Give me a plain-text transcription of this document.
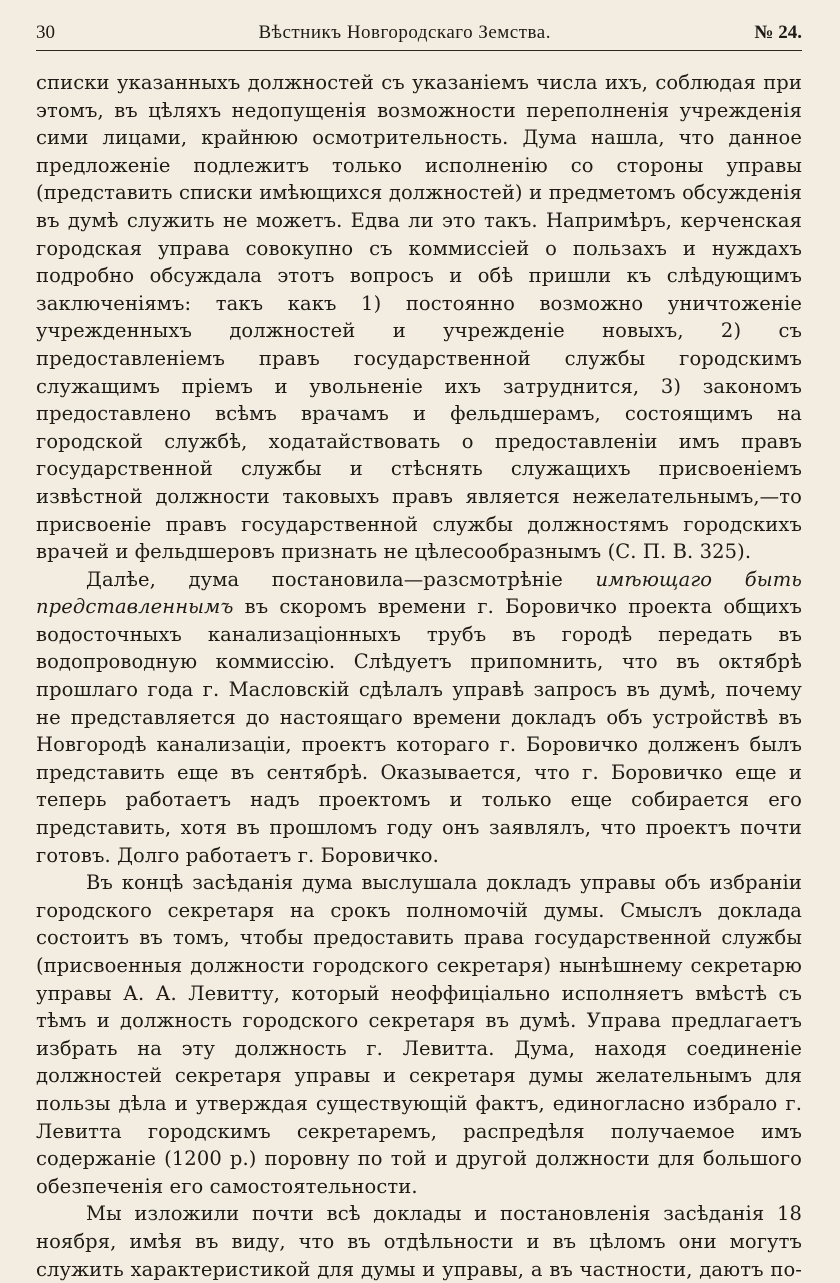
30	Вѣстникъ Новгородскаго Земства.	№ 24.

списки указанныхъ должностей съ указаніемъ числа ихъ, соблюдая при этомъ, въ цѣляхъ недопущенія возможности переполненія учрежденія сими лицами, крайнюю осмотрительность. Дума нашла, что данное предложеніе подлежитъ только исполненію со стороны управы (представить списки имѣющихся должностей) и предметомъ обсужденія въ думѣ служить не можетъ. Едва ли это такъ. Напримѣръ, керченская городская управа совокупно съ коммиссіей о пользахъ и нуждахъ подробно обсуждала этотъ вопросъ и обѣ пришли къ слѣдующимъ заключеніямъ: такъ какъ 1) постоянно возможно уничтоженіе учрежденныхъ должностей и учрежденіе новыхъ, 2) съ предоставленіемъ правъ государственной службы городскимъ служащимъ пріемъ и увольненіе ихъ затруднится, 3) закономъ предоставлено всѣмъ врачамъ и фельдшерамъ, состоящимъ на городской службѣ, ходатайствовать о предоставленіи имъ правъ государственной службы и стѣснять служащихъ присвоеніемъ извѣстной должности таковыхъ правъ является нежелательнымъ,—то присвоеніе правъ государственной службы должностямъ городскихъ врачей и фельдшеровъ признать не цѣлесообразнымъ (С. П. В. 325).

Далѣе, дума постановила—разсмотрѣніе имѣющаго быть представленнымъ въ скоромъ времени г. Боровичко проекта общихъ водосточныхъ канализаціонныхъ трубъ въ городѣ передать въ водопроводную коммиссію. Слѣдуетъ припомнить, что въ октябрѣ прошлаго года г. Масловскій сдѣлалъ управѣ запросъ въ думѣ, почему не представляется до настоящаго времени докладъ объ устройствѣ въ Новгородѣ канализаціи, проектъ котораго г. Боровичко долженъ былъ представить еще въ сентябрѣ. Оказывается, что г. Боровичко еще и теперь работаетъ надъ проектомъ и только еще собирается его представить, хотя въ прошломъ году онъ заявлялъ, что проектъ почти готовъ. Долго работаетъ г. Боровичко.

Въ концѣ засѣданія дума выслушала докладъ управы объ избраніи городского секретаря на срокъ полномочій думы. Смыслъ доклада состоитъ въ томъ, чтобы предоставить права государственной службы (присвоенныя должности городского секретаря) нынѣшнему секретарю управы А. А. Левитту, который неоффиціально исполняетъ вмѣстѣ съ тѣмъ и должность городского секретаря въ думѣ. Управа предлагаетъ избрать на эту должность г. Левитта. Дума, находя соединеніе должностей секретаря управы и секретаря думы желательнымъ для пользы дѣла и утверждая существующій фактъ, единогласно избрало г. Левитта городскимъ секретаремъ, распредѣля получаемое имъ содержаніе (1200 р.) поровну по той и другой должности для большого обезпеченія его самостоятельности.

Мы изложили почти всѣ доклады и постановленія засѣданія 18 ноября, имѣя въ виду, что въ отдѣльности и въ цѣломъ они могутъ служить характеристикой для думы и управы, а въ частности, даютъ по-
